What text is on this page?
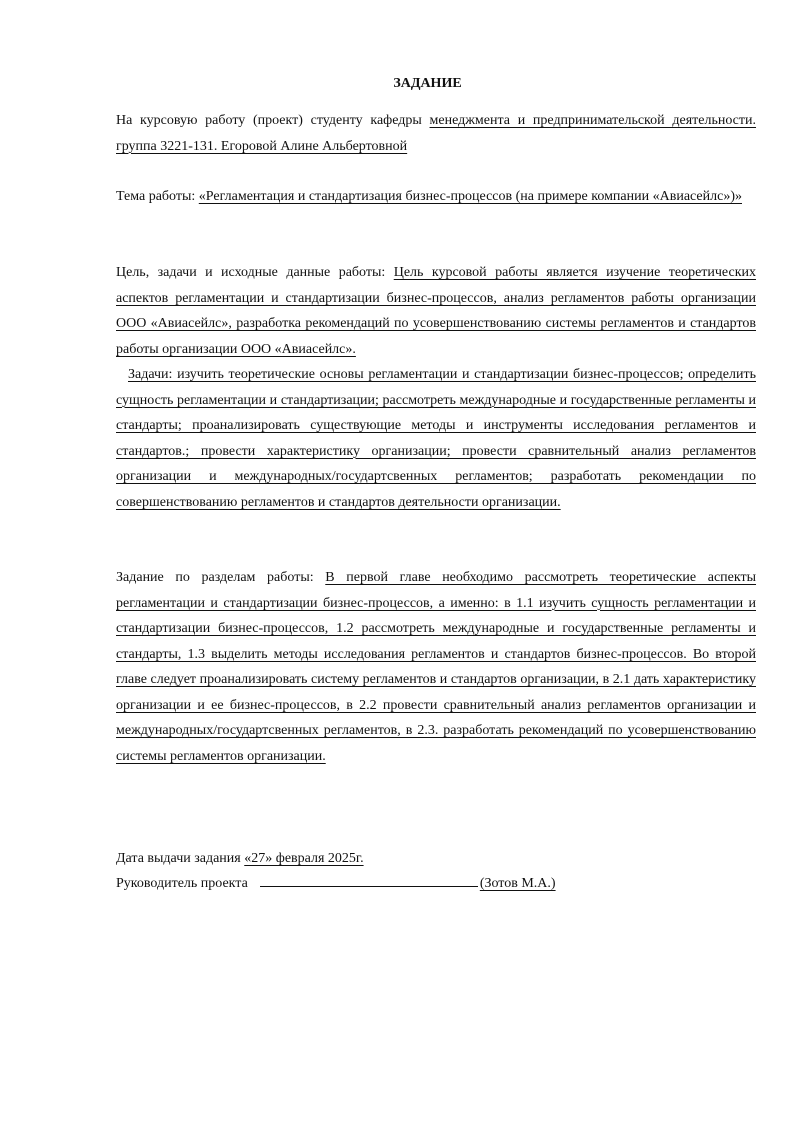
ЗАДАНИЕ

На курсовую работу (проект) студенту кафедры менеджмента и предпринимательской деятельности. группа 3221-131. Егоровой Алине Альбертовной

Тема работы: «Регламентация и стандартизация бизнес-процессов (на примере компании «Авиасейлс»)»

Цель, задачи и исходные данные работы: Цель курсовой работы является изучение теоретических аспектов регламентации и стандартизации бизнес-процессов, анализ регламентов работы организации ООО «Авиасейлс», разработка рекомендаций по усовершенствованию системы регламентов и стандартов работы организации ООО «Авиасейлс».

Задачи: изучить теоретические основы регламентации и стандартизации бизнес-процессов; определить сущность регламентации и стандартизации; рассмотреть международные и государственные регламенты и стандарты; проанализировать существующие методы и инструменты исследования регламентов и стандартов.; провести характеристику организации; провести сравнительный анализ регламентов организации и международных/государтсвенных регламентов; разработать рекомендации по совершенствованию регламентов и стандартов деятельности организации.

Задание по разделам работы: В первой главе необходимо рассмотреть теоретические аспекты регламентации и стандартизации бизнес-процессов, а именно: в 1.1 изучить сущность регламентации и стандартизации бизнес-процессов, 1.2 рассмотреть международные и государственные регламенты и стандарты, 1.3 выделить методы исследования регламентов и стандартов бизнес-процессов. Во второй главе следует проанализировать систему регламентов и стандартов организации, в 2.1 дать характеристику организации и ее бизнес-процессов, в 2.2 провести сравнительный анализ регламентов организации и международных/государтсвенных регламентов, в 2.3. разработать рекомендаций по усовершенствованию системы регламентов организации.

Дата выдачи задания «27» февраля 2025г.

Руководитель проекта	(Зотов М.А.)
